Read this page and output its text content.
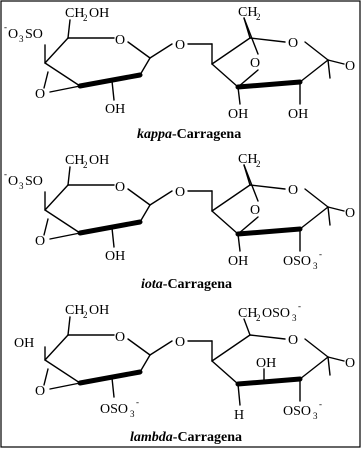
- O 3 SO
CH
2 OH
O
O
OH
O
CH
2
O
O
OH	OH
O
kappa-Carragena
- O 3 SO
CH
2 OH
O
O
OH
O
CH
2
O
O
OH OSO 3
-
O
iota-Carragena
OH
CH
2 OH
O
O
OSO 3
-
O
CH
2 OSO 3
-
OH
O
H	OSO 3
-
O
lambda-Carragena
